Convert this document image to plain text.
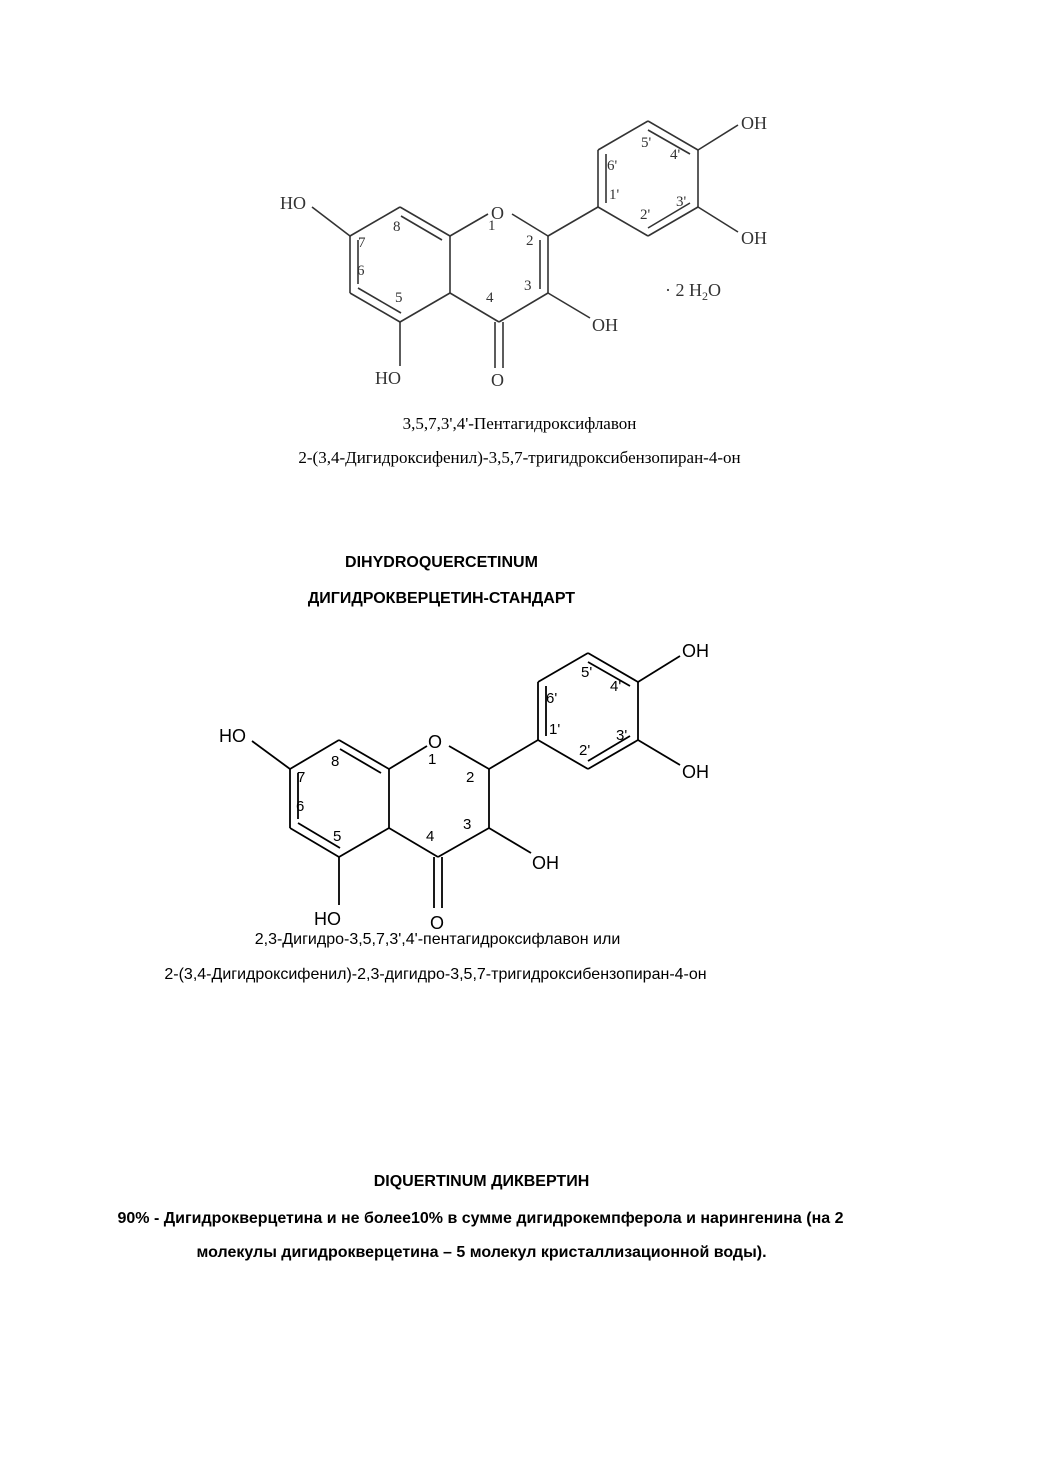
HO	O
OH
OH
OH
HO	O
7
8	1
2
6
5	4
3
5'
4'
6'
1'	3'
2'
· 2 $H_2O$
3,5,7,3',4'-Пентагидроксифлавон
2-(3,4-Дигидроксифенил)-3,5,7-тригидроксибензопиран-4-он
DIHYDROQUERCETINUM
ДИГИДРОКВЕРЦЕТИН-СТАНДАРТ
OH
HO	O
OH
OH
HO	O
5'
4'
6'
1'	3'
2'
1
7
8
2
6
3
5	4
2,3-Дигидро-3,5,7,3',4'-пентагидроксифлавон или
2-(3,4-Дигидроксифенил)-2,3-дигидро-3,5,7-тригидроксибензопиран-4-он
DIQUERTINUM ДИКВЕРТИН
90% - Дигидрокверцетина и не более10% в сумме дигидрокемпферола и нарингенина (на 2
молекулы дигидрокверцетина – 5 молекул кристаллизационной воды).
